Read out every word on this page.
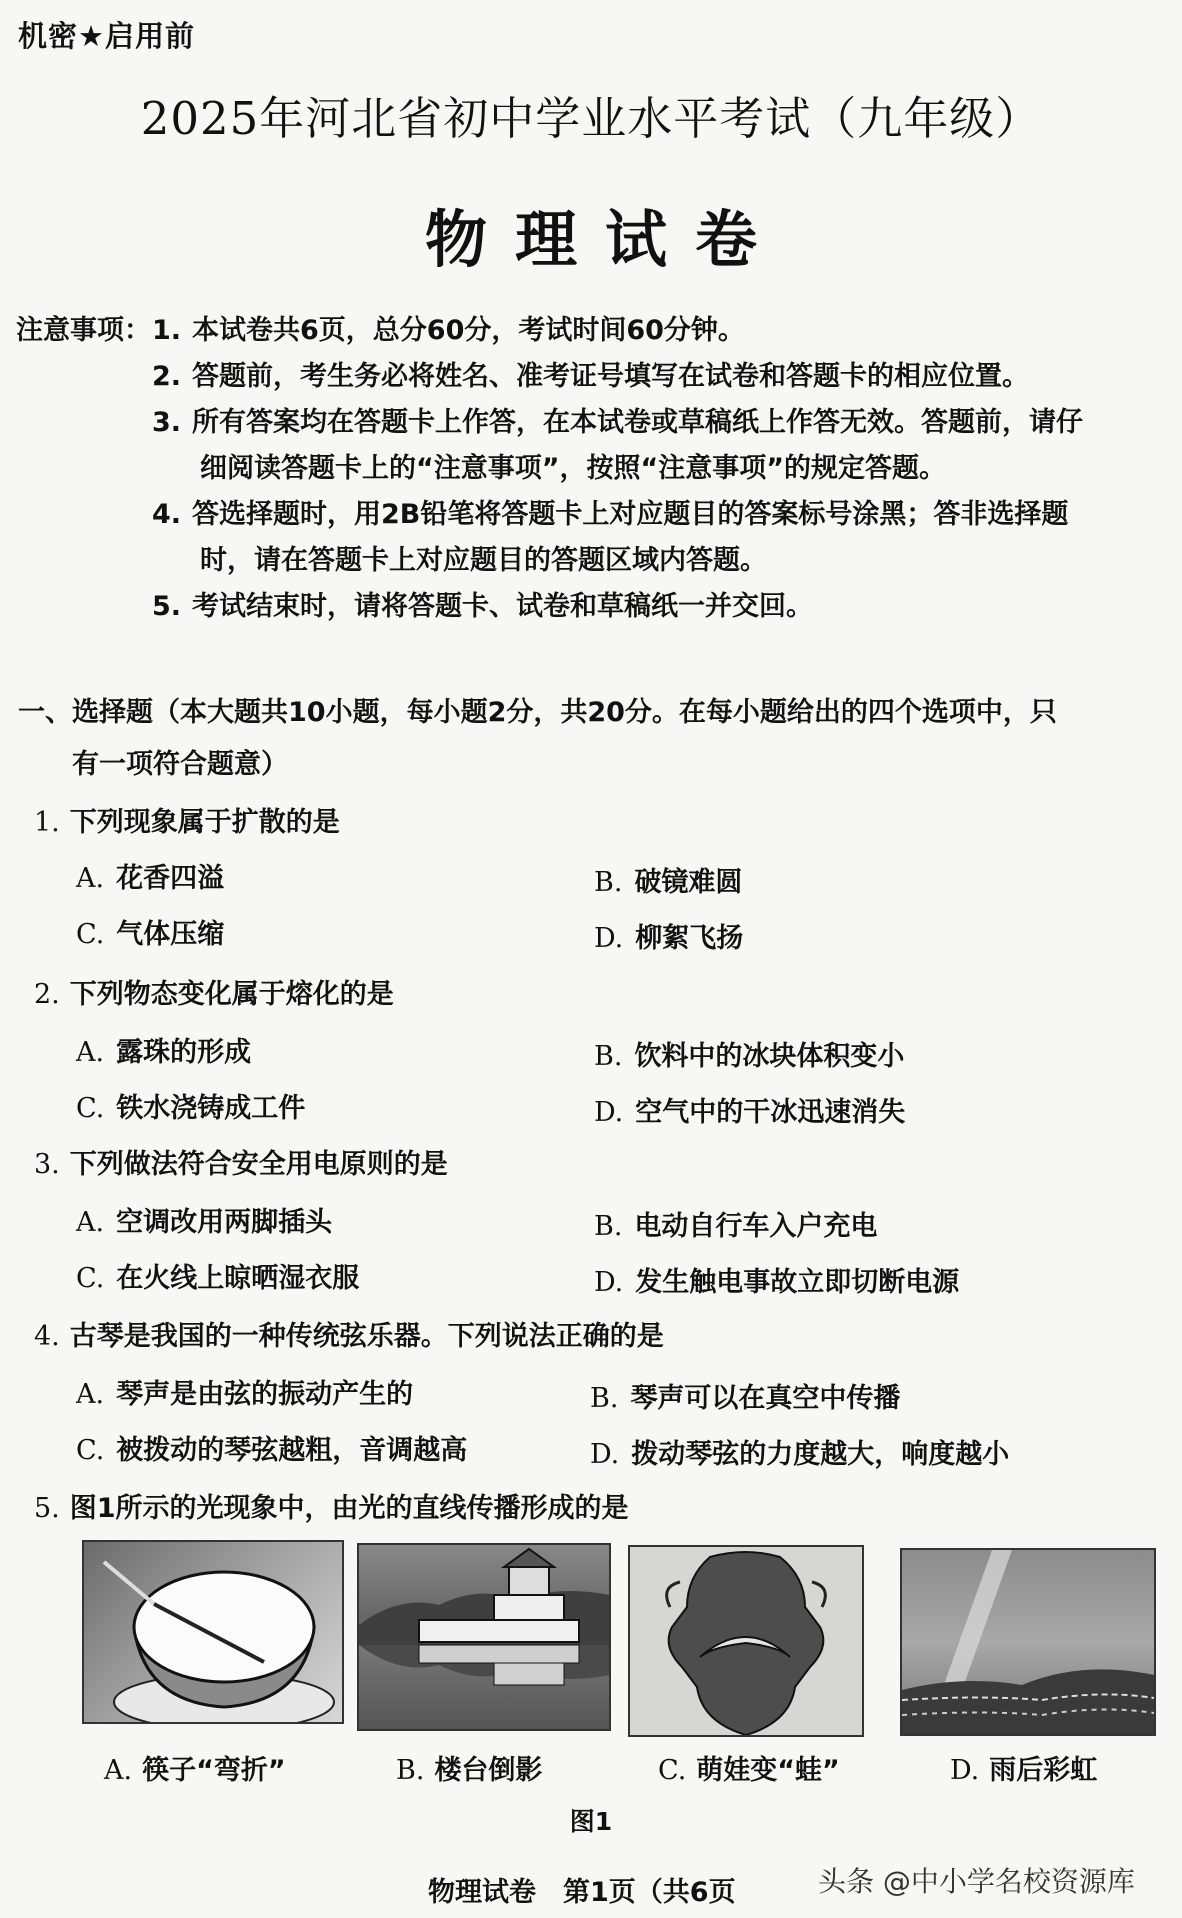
机密★启用前
2025年河北省初中学业水平考试（九年级）
物理试卷
注意事项： 1. 本试卷共6页，总分60分，考试时间60分钟。
2. 答题前，考生务必将姓名、准考证号填写在试卷和答题卡的相应位置。
3. 所有答案均在答题卡上作答，在本试卷或草稿纸上作答无效。答题前，请仔
细阅读答题卡上的“注意事项”，按照“注意事项”的规定答题。
4. 答选择题时，用2B铅笔将答题卡上对应题目的答案标号涂黑；答非选择题
时，请在答题卡上对应题目的答题区域内答题。
5. 考试结束时，请将答题卡、试卷和草稿纸一并交回。
一、选择题（本大题共10小题，每小题2分，共20分。在每小题给出的四个选项中，只
有一项符合题意）
1. 下列现象属于扩散的是
A. 花香四溢	B. 破镜难圆
C. 气体压缩	D. 柳絮飞扬
2. 下列物态变化属于熔化的是
A. 露珠的形成	B. 饮料中的冰块体积变小
C. 铁水浇铸成工件	D. 空气中的干冰迅速消失
3. 下列做法符合安全用电原则的是
A. 空调改用两脚插头	B. 电动自行车入户充电
C. 在火线上晾晒湿衣服	D. 发生触电事故立即切断电源
4. 古琴是我国的一种传统弦乐器。下列说法正确的是
A. 琴声是由弦的振动产生的	B. 琴声可以在真空中传播
C. 被拨动的琴弦越粗，音调越高	D. 拨动琴弦的力度越大，响度越小
5. 图1所示的光现象中，由光的直线传播形成的是
A. 筷子“弯折”	B. 楼台倒影	C. 萌娃变“蛙”	D. 雨后彩虹
图1
物理试卷　第1页（共6页	头条 @中小学名校资源库
